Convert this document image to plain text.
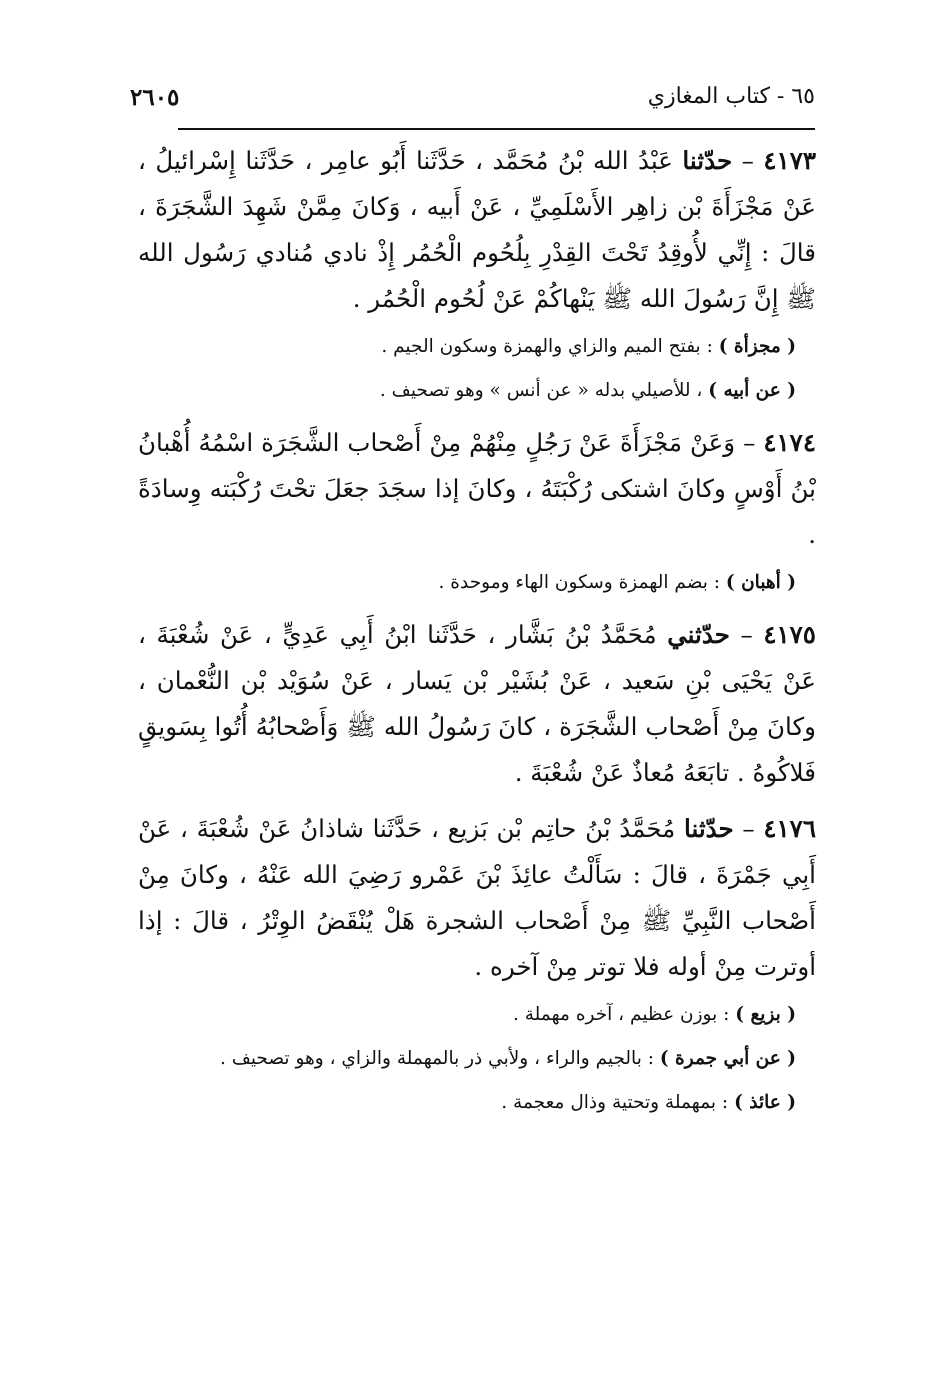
٦٥ - كتاب المغازي
٢٦٠٥

٤١٧٣ – حدّثنا عَبْدُ الله بْنُ مُحَمَّد ، حَدَّثَنا أَبُو عامِر ، حَدَّثَنا إِسْرائيلُ ، عَنْ مَجْزَأَةَ بْن زاهِر الأَسْلَمِيِّ ، عَنْ أَبيه ، وَكانَ مِمَّنْ شَهِدَ الشَّجَرَةَ ، قالَ : إِنِّي لأُوقِدُ تَحْتَ القِدْرِ بِلُحُوم الْحُمُر إِذْ نادي مُنادي رَسُول الله ﷺ إِنَّ رَسُولَ الله ﷺ يَنْهاكُمْ عَنْ لُحُوم الْحُمُر .

( مجزأة ) : بفتح الميم والزاي والهمزة وسكون الجيم .

( عن أبيه ) ، للأصيلي بدله « عن أنس » وهو تصحيف .

٤١٧٤ – وَعَنْ مَجْزَأَةَ عَنْ رَجُلٍ مِنْهُمْ مِنْ أَصْحاب الشَّجَرَة اسْمُهُ أُهْبانُ بْنُ أَوْسٍ وكانَ اشتكى رُكْبَتَهُ ، وكانَ إذا سجَدَ جعَلَ تحْتَ رُكْبَته وِسادَةً .

( أهبان ) : بضم الهمزة وسكون الهاء وموحدة .

٤١٧٥ – حدّثني مُحَمَّدُ بْنُ بَشَّار ، حَدَّثَنا ابْنُ أَبِي عَدِيٍّ ، عَنْ شُعْبَةَ ، عَنْ يَحْيَى بْنِ سَعيد ، عَنْ بُشَيْر بْن يَسار ، عَنْ سُوَيْد بْن النُّعْمان ، وكانَ مِنْ أَصْحاب الشَّجَرَة ، كانَ رَسُولُ الله ﷺ وَأَصْحابُهُ أُتُوا بِسَويقٍ فَلاكُوهُ . تابَعَهُ مُعاذٌ عَنْ شُعْبَةَ .

٤١٧٦ – حدّثنا مُحَمَّدُ بْنُ حاتِم بْن بَزيع ، حَدَّثَنا شاذانُ عَنْ شُعْبَةَ ، عَنْ أَبِي جَمْرَةَ ، قالَ : سَأَلْتُ عائِذَ بْنَ عَمْرو رَضِيَ الله عَنْهُ ، وكانَ مِنْ أَصْحاب النَّبِيِّ ﷺ مِنْ أَصْحاب الشجرة هَلْ يُنْقَضُ الوِتْرُ ، قالَ : إذا أوترت مِنْ أوله فلا توتر مِنْ آخره .

( بزيع ) : بوزن عظيم ، آخره مهملة .

( عن أبي جمرة ) : بالجيم والراء ، ولأبي ذر بالمهملة والزاي ، وهو تصحيف .

( عائذ ) : بمهملة وتحتية وذال معجمة .
